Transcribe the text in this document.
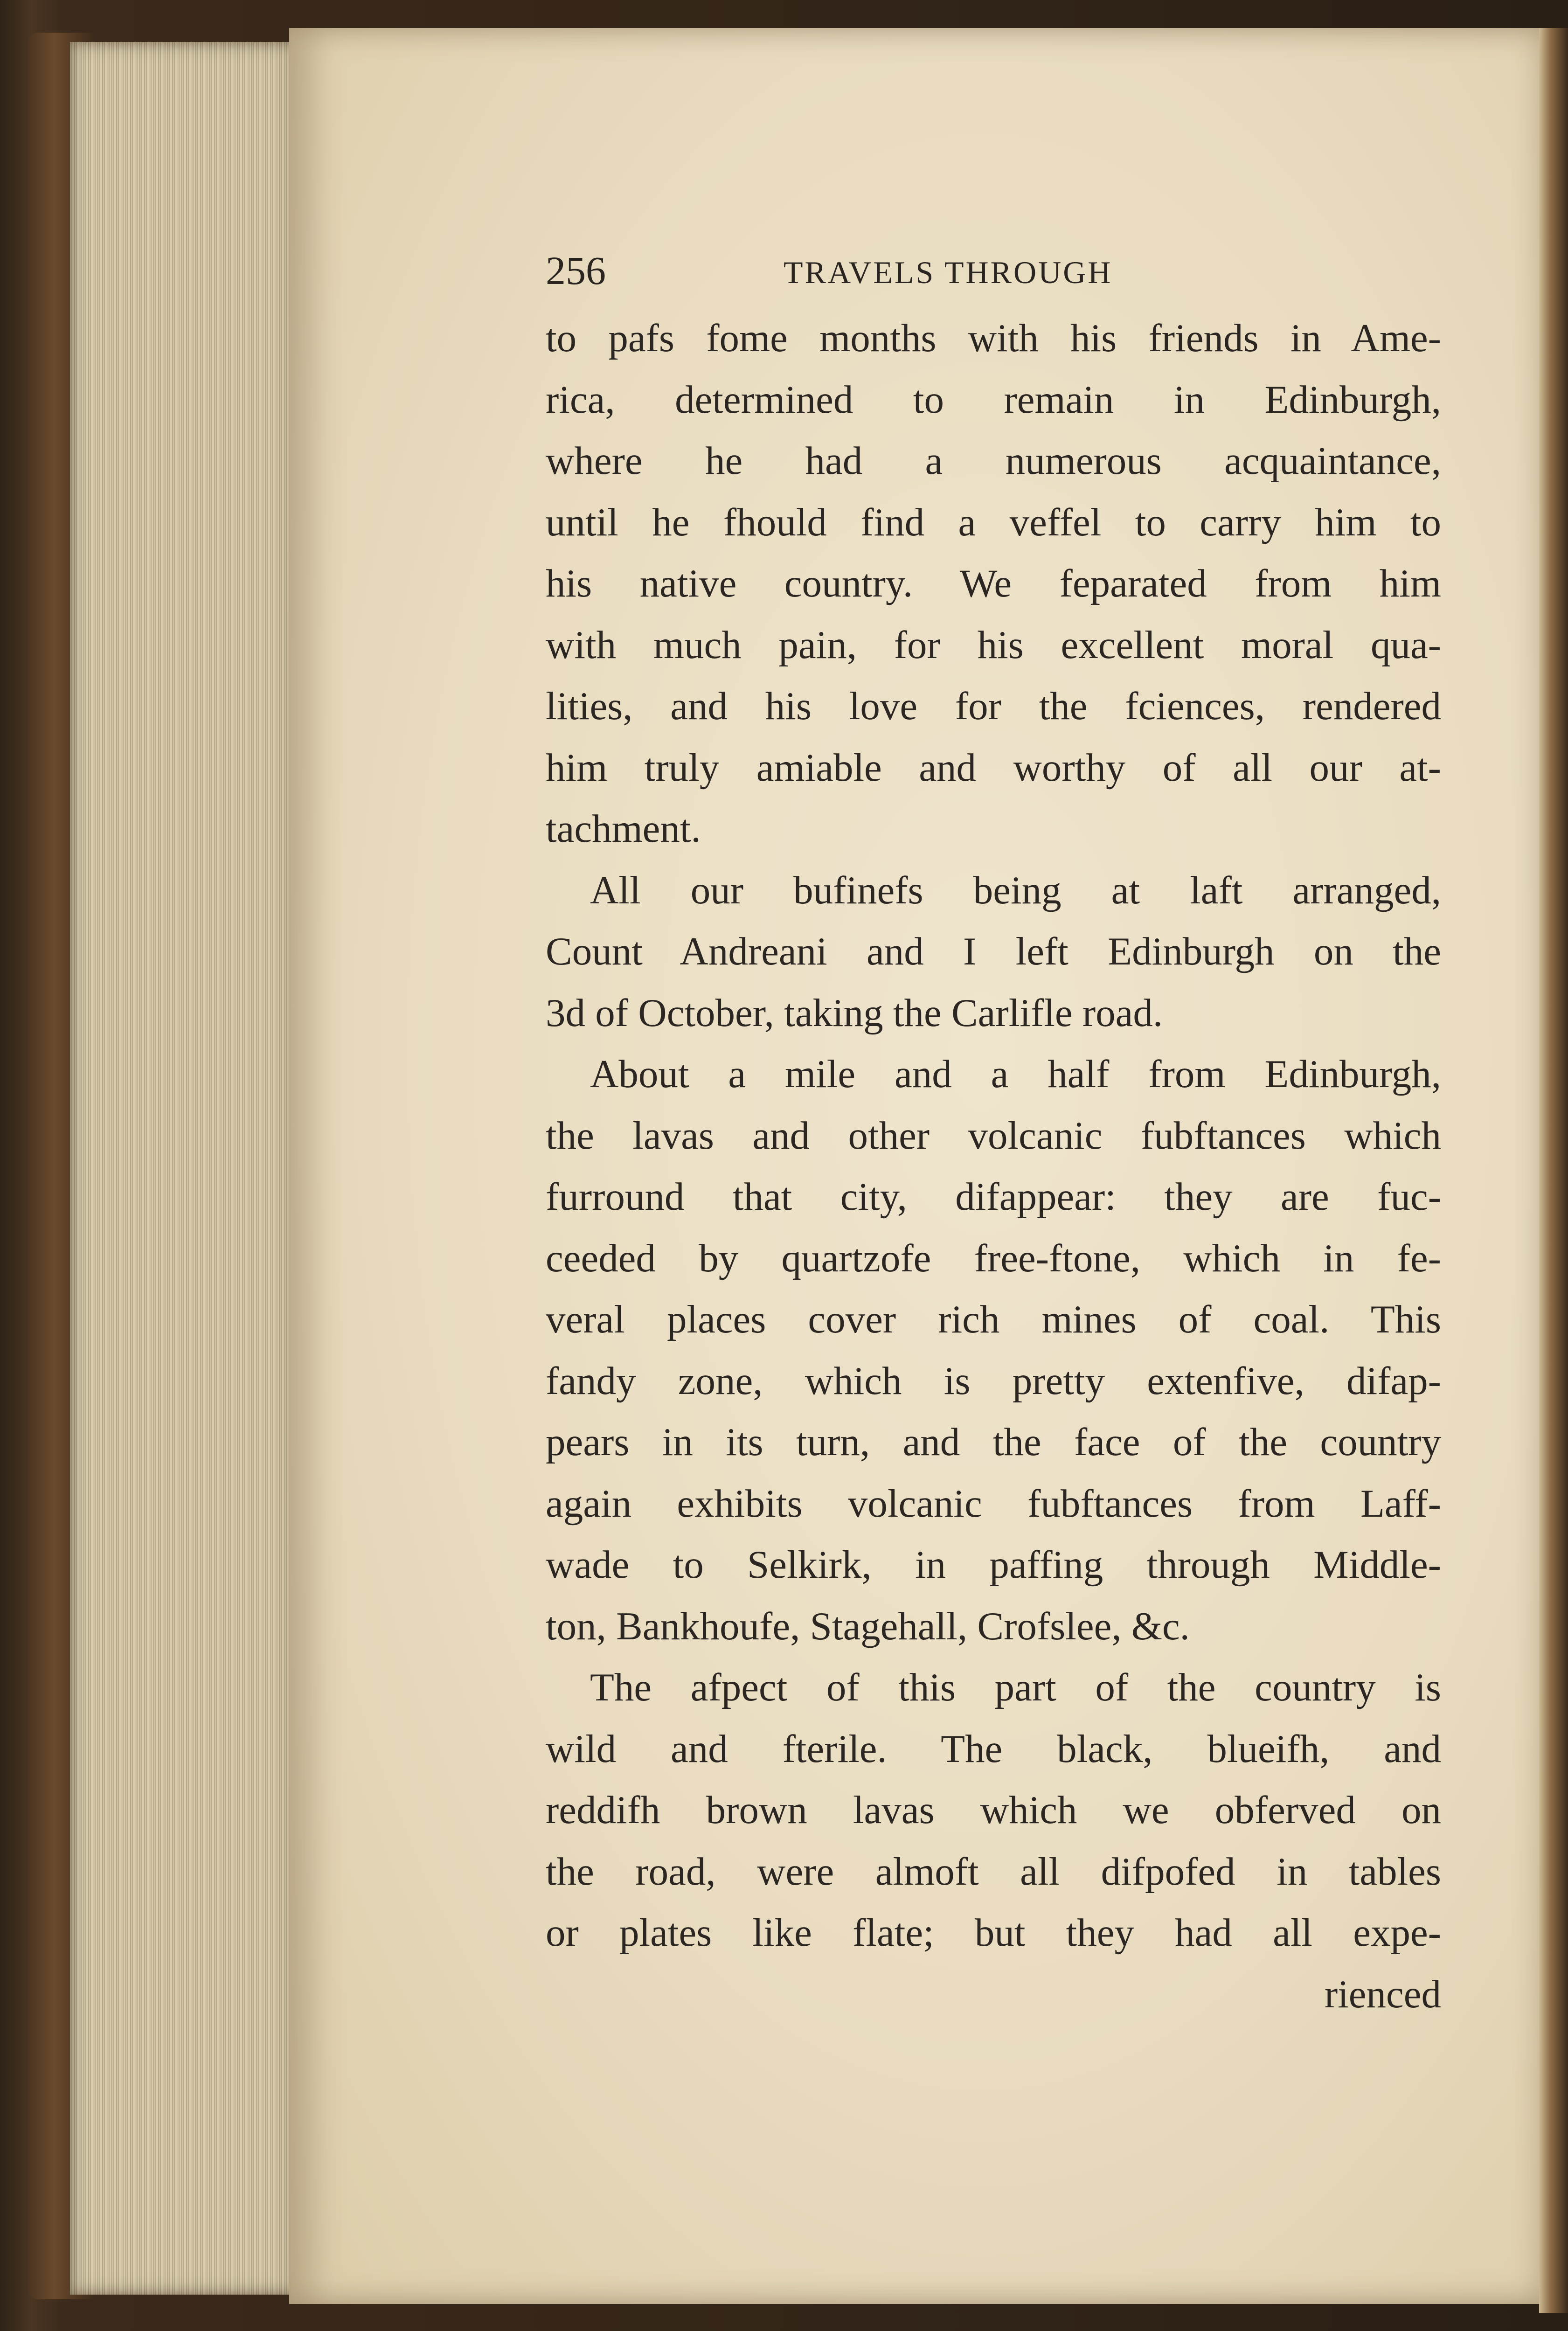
256	TRAVELS THROUGH
to pafs fome months with his friends in Ame-
rica, determined to remain in Edinburgh,
where he had a numerous acquaintance,
until he fhould find a veffel to carry him to
his native country. We feparated from him
with much pain, for his excellent moral qua-
lities, and his love for the fciences, rendered
him truly amiable and worthy of all our at-
tachment.
All our bufinefs being at laft arranged,
Count Andreani and I left Edinburgh on the
3d of October, taking the Carlifle road.
About a mile and a half from Edinburgh,
the lavas and other volcanic fubftances which
furround that city, difappear: they are fuc-
ceeded by quartzofe free-ftone, which in fe-
veral places cover rich mines of coal. This
fandy zone, which is pretty extenfive, difap-
pears in its turn, and the face of the country
again exhibits volcanic fubftances from Laff-
wade to Selkirk, in paffing through Middle-
ton, Bankhoufe, Stagehall, Crofslee, &c.
The afpect of this part of the country is
wild and fterile. The black, blueifh, and
reddifh brown lavas which we obferved on
the road, were almoft all difpofed in tables
or plates like flate; but they had all expe-
rienced
